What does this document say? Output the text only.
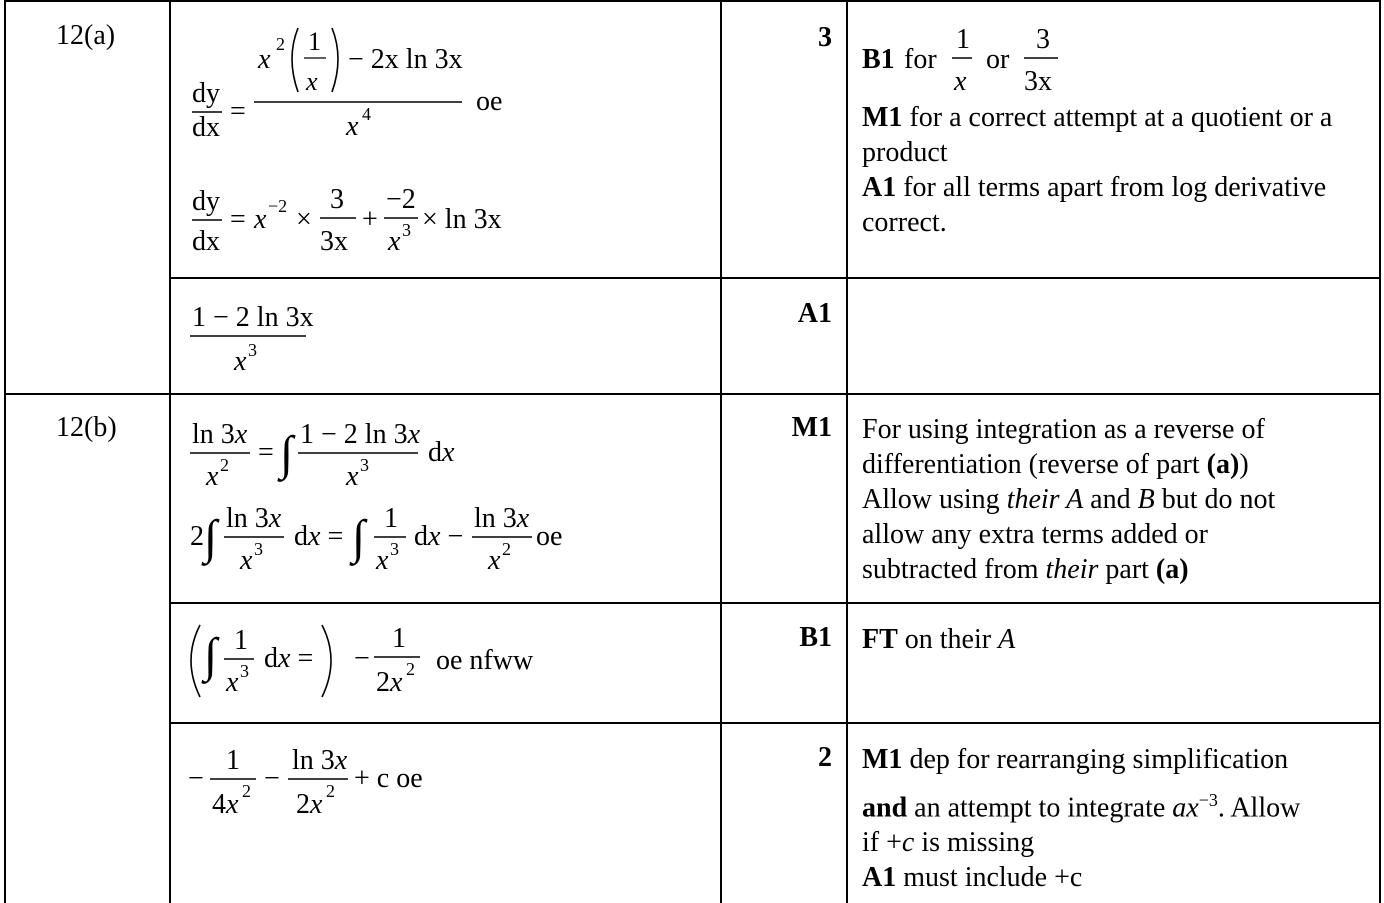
12(a)
12(b)
3
A1
M1
B1
2
dy
dx
=
x 2 1
x
− 2x ln 3x
x 4	oe
dy
dx
= x −2 ×
3
3x
+
−2
x 3 × ln 3x
B1 for
1
x
or
3
3x
M1 for a correct attempt at a quotient or a product
A1 for all terms apart from log derivative correct.
1 − 2 ln 3x
x 3
ln 3x
x 2 = ∫ 1 − 2 ln 3x
x 3 dx
2 ∫ ln 3x
x 3 dx = ∫ 1
x 3 dx −
ln 3x
x 2 oe
For using integration as a reverse of
differentiation (reverse of part (a))
Allow using their A and B but do not
allow any extra terms added or
subtracted from their part (a)
∫ 1
x 3 dx = −
1
2x 2 oe nfww
FT on their A
−
1
4x 2 −
ln 3x
2x 2 + c oe
M1 dep for rearranging simplification
and an attempt to integrate $ax^{-3}$. Allow
if +c is missing
A1 must include +c
